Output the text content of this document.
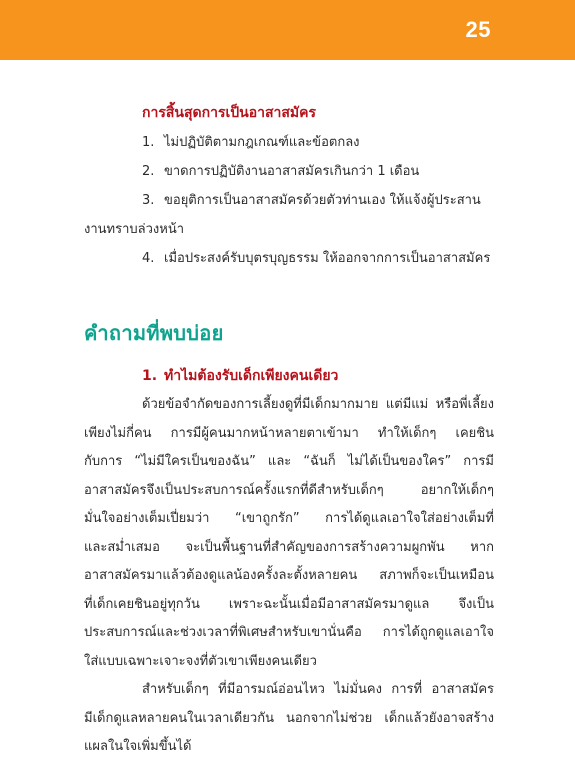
25
การสิ้นสุดการเป็นอาสาสมัคร
1. ไม่ปฏิบัติตามกฎเกณฑ์และข้อตกลง
2. ขาดการปฏิบัติงานอาสาสมัครเกินกว่า 1 เดือน
3. ขอยุติการเป็นอาสาสมัครด้วยตัวท่านเอง ให้แจ้งผู้ประสาน
งานทราบล่วงหน้า
4. เมื่อประสงค์รับบุตรบุญธรรม ให้ออกจากการเป็นอาสาสมัคร
คำถามที่พบบ่อย
1. ทำไมต้องรับเด็กเพียงคนเดียว
ด้วยข้อจำกัดของการเลี้ยงดูที่มีเด็กมากมาย แต่มีแม่ หรือพี่เลี้ยง
เพียงไม่กี่คน การมีผู้คนมากหน้าหลายตาเข้ามา ทำให้เด็กๆ เคยชิน
กับการ “ไม่มีใครเป็นของฉัน” และ “ฉันก็ ไม่ได้เป็นของใคร” การมี
อาสาสมัครจึงเป็นประสบการณ์ครั้งแรกที่ดีสำหรับเด็กๆ อยากให้เด็กๆ
มั่นใจอย่างเต็มเปี่ยมว่า “เขาถูกรัก” การได้ดูแลเอาใจใส่อย่างเต็มที่
และสม่ำเสมอ จะเป็นพื้นฐานที่สำคัญของการสร้างความผูกพัน หาก
อาสาสมัครมาแล้วต้องดูแลน้องครั้งละตั้งหลายคน สภาพก็จะเป็นเหมือน
ที่เด็กเคยชินอยู่ทุกวัน เพราะฉะนั้นเมื่อมีอาสาสมัครมาดูแล จึงเป็น
ประสบการณ์และช่วงเวลาที่พิเศษสำหรับเขานั่นคือ การได้ถูกดูแลเอาใจ
ใส่แบบเฉพาะเจาะจงที่ตัวเขาเพียงคนเดียว
สำหรับเด็กๆ ที่มีอารมณ์อ่อนไหว ไม่มั่นคง การที่ อาสาสมัคร
มีเด็กดูแลหลายคนในเวลาเดียวกัน นอกจากไม่ช่วย เด็กแล้วยังอาจสร้าง
แผลในใจเพิ่มขึ้นได้
